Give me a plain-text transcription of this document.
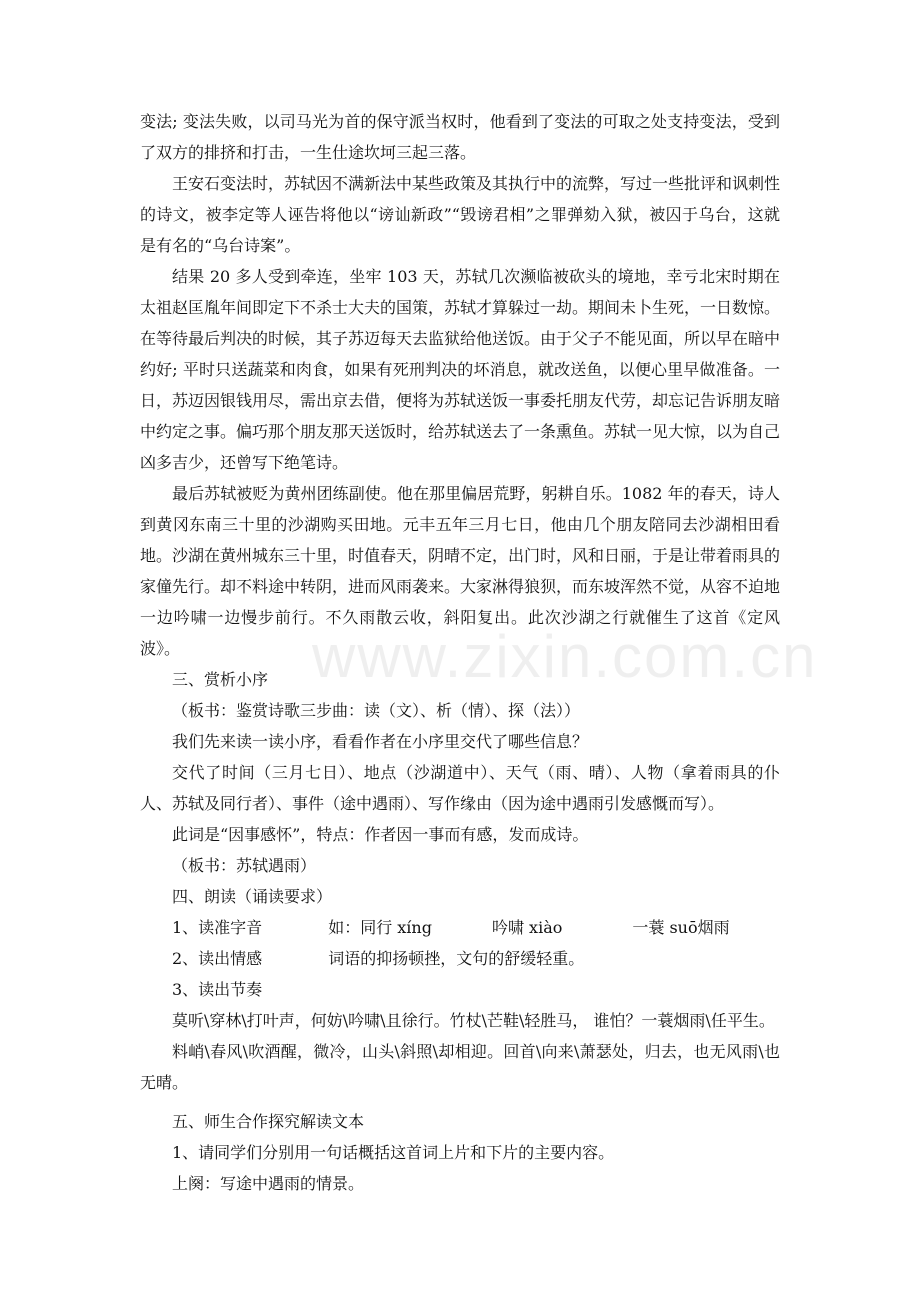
www.zixin.com.cn

变法; 变法失败，以司马光为首的保守派当权时，他看到了变法的可取之处支持变法，受到了双方的排挤和打击，一生仕途坎坷三起三落。

王安石变法时，苏轼因不满新法中某些政策及其执行中的流弊，写过一些批评和讽刺性的诗文，被李定等人诬告将他以“谤讪新政”“毁谤君相”之罪弹劾入狱，被囚于乌台，这就是有名的“乌台诗案”。

结果 20 多人受到牵连，坐牢 103 天，苏轼几次濒临被砍头的境地，幸亏北宋时期在太祖赵匡胤年间即定下不杀士大夫的国策，苏轼才算躲过一劫。期间未卜生死，一日数惊。在等待最后判决的时候，其子苏迈每天去监狱给他送饭。由于父子不能见面，所以早在暗中约好; 平时只送蔬菜和肉食，如果有死刑判决的坏消息，就改送鱼，以便心里早做准备。一日，苏迈因银钱用尽，需出京去借，便将为苏轼送饭一事委托朋友代劳，却忘记告诉朋友暗中约定之事。偏巧那个朋友那天送饭时，给苏轼送去了一条熏鱼。苏轼一见大惊，以为自己凶多吉少，还曾写下绝笔诗。

最后苏轼被贬为黄州团练副使。他在那里偏居荒野，躬耕自乐。1082 年的春天，诗人到黄冈东南三十里的沙湖购买田地。元丰五年三月七日，他由几个朋友陪同去沙湖相田看地。沙湖在黄州城东三十里，时值春天，阴晴不定，出门时，风和日丽，于是让带着雨具的家僮先行。却不料途中转阴，进而风雨袭来。大家淋得狼狈，而东坡浑然不觉，从容不迫地一边吟啸一边慢步前行。不久雨散云收，斜阳复出。此次沙湖之行就催生了这首《定风波》。

三、赏析小序

（板书：鉴赏诗歌三步曲：读（文）、析（情）、探（法））

我们先来读一读小序，看看作者在小序里交代了哪些信息？

交代了时间（三月七日）、地点（沙湖道中）、天气（雨、晴）、人物（拿着雨具的仆人、苏轼及同行者）、事件（途中遇雨）、写作缘由（因为途中遇雨引发感慨而写）。

此词是“因事感怀”，特点：作者因一事而有感，发而成诗。

（板书：苏轼遇雨）

四、朗读（诵读要求）

1、读准字音	如：同行 xíng	吟啸 xiào	一蓑 suō烟雨

2、读出情感	词语的抑扬顿挫，文句的舒缓轻重。

3、读出节奏

莫听\穿林\打叶声，何妨\吟啸\且徐行。竹杖\芒鞋\轻胜马， 谁怕？一蓑烟雨\任平生。

料峭\春风\吹酒醒，微冷，山头\斜照\却相迎。回首\向来\萧瑟处，归去，也无风雨\也无晴。

五、师生合作探究解读文本

1、请同学们分别用一句话概括这首词上片和下片的主要内容。

上阕：写途中遇雨的情景。
